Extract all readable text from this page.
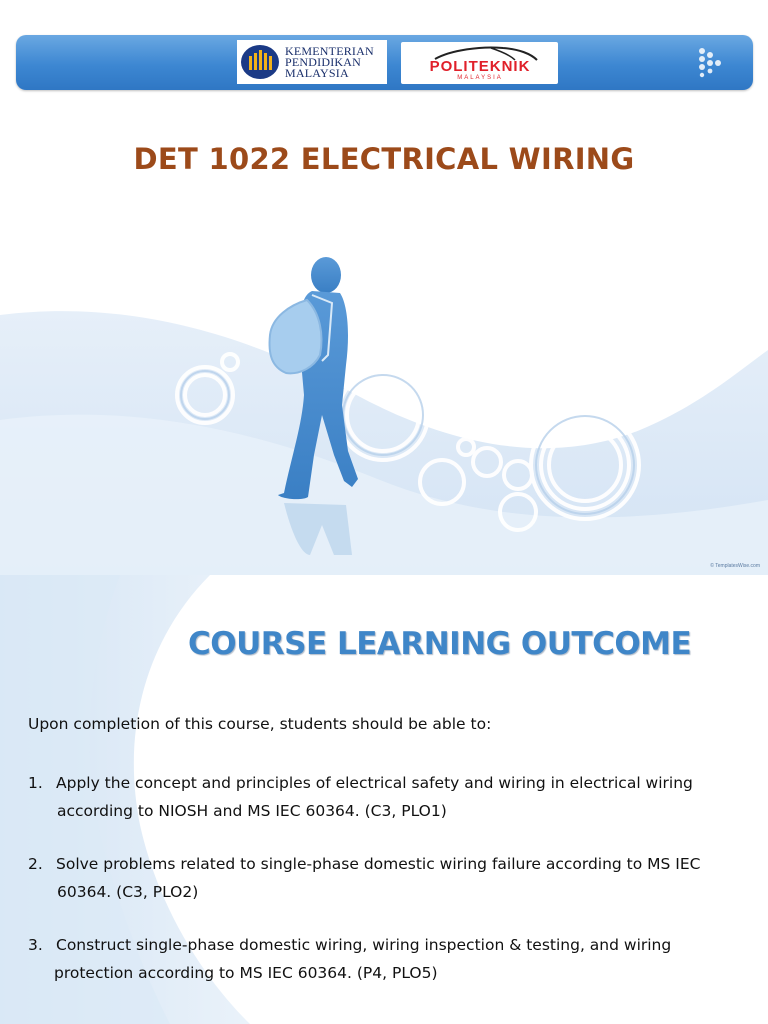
KEMENTERIAN
PENDIDIKAN
MALAYSIA	POLITEKNIK
MALAYSIA
DET 1022 ELECTRICAL WIRING
© TemplatesWise.com
COURSE LEARNING OUTCOME
Upon completion of this course, students should be able to:
1. Apply the concept and principles of electrical safety and wiring in electrical wiring
according to NIOSH and MS IEC 60364. (C3, PLO1)
2. Solve problems related to single-phase domestic wiring failure according to MS IEC
60364. (C3, PLO2)
3. Construct single-phase domestic wiring, wiring inspection & testing, and wiring
protection according to MS IEC 60364. (P4, PLO5)
